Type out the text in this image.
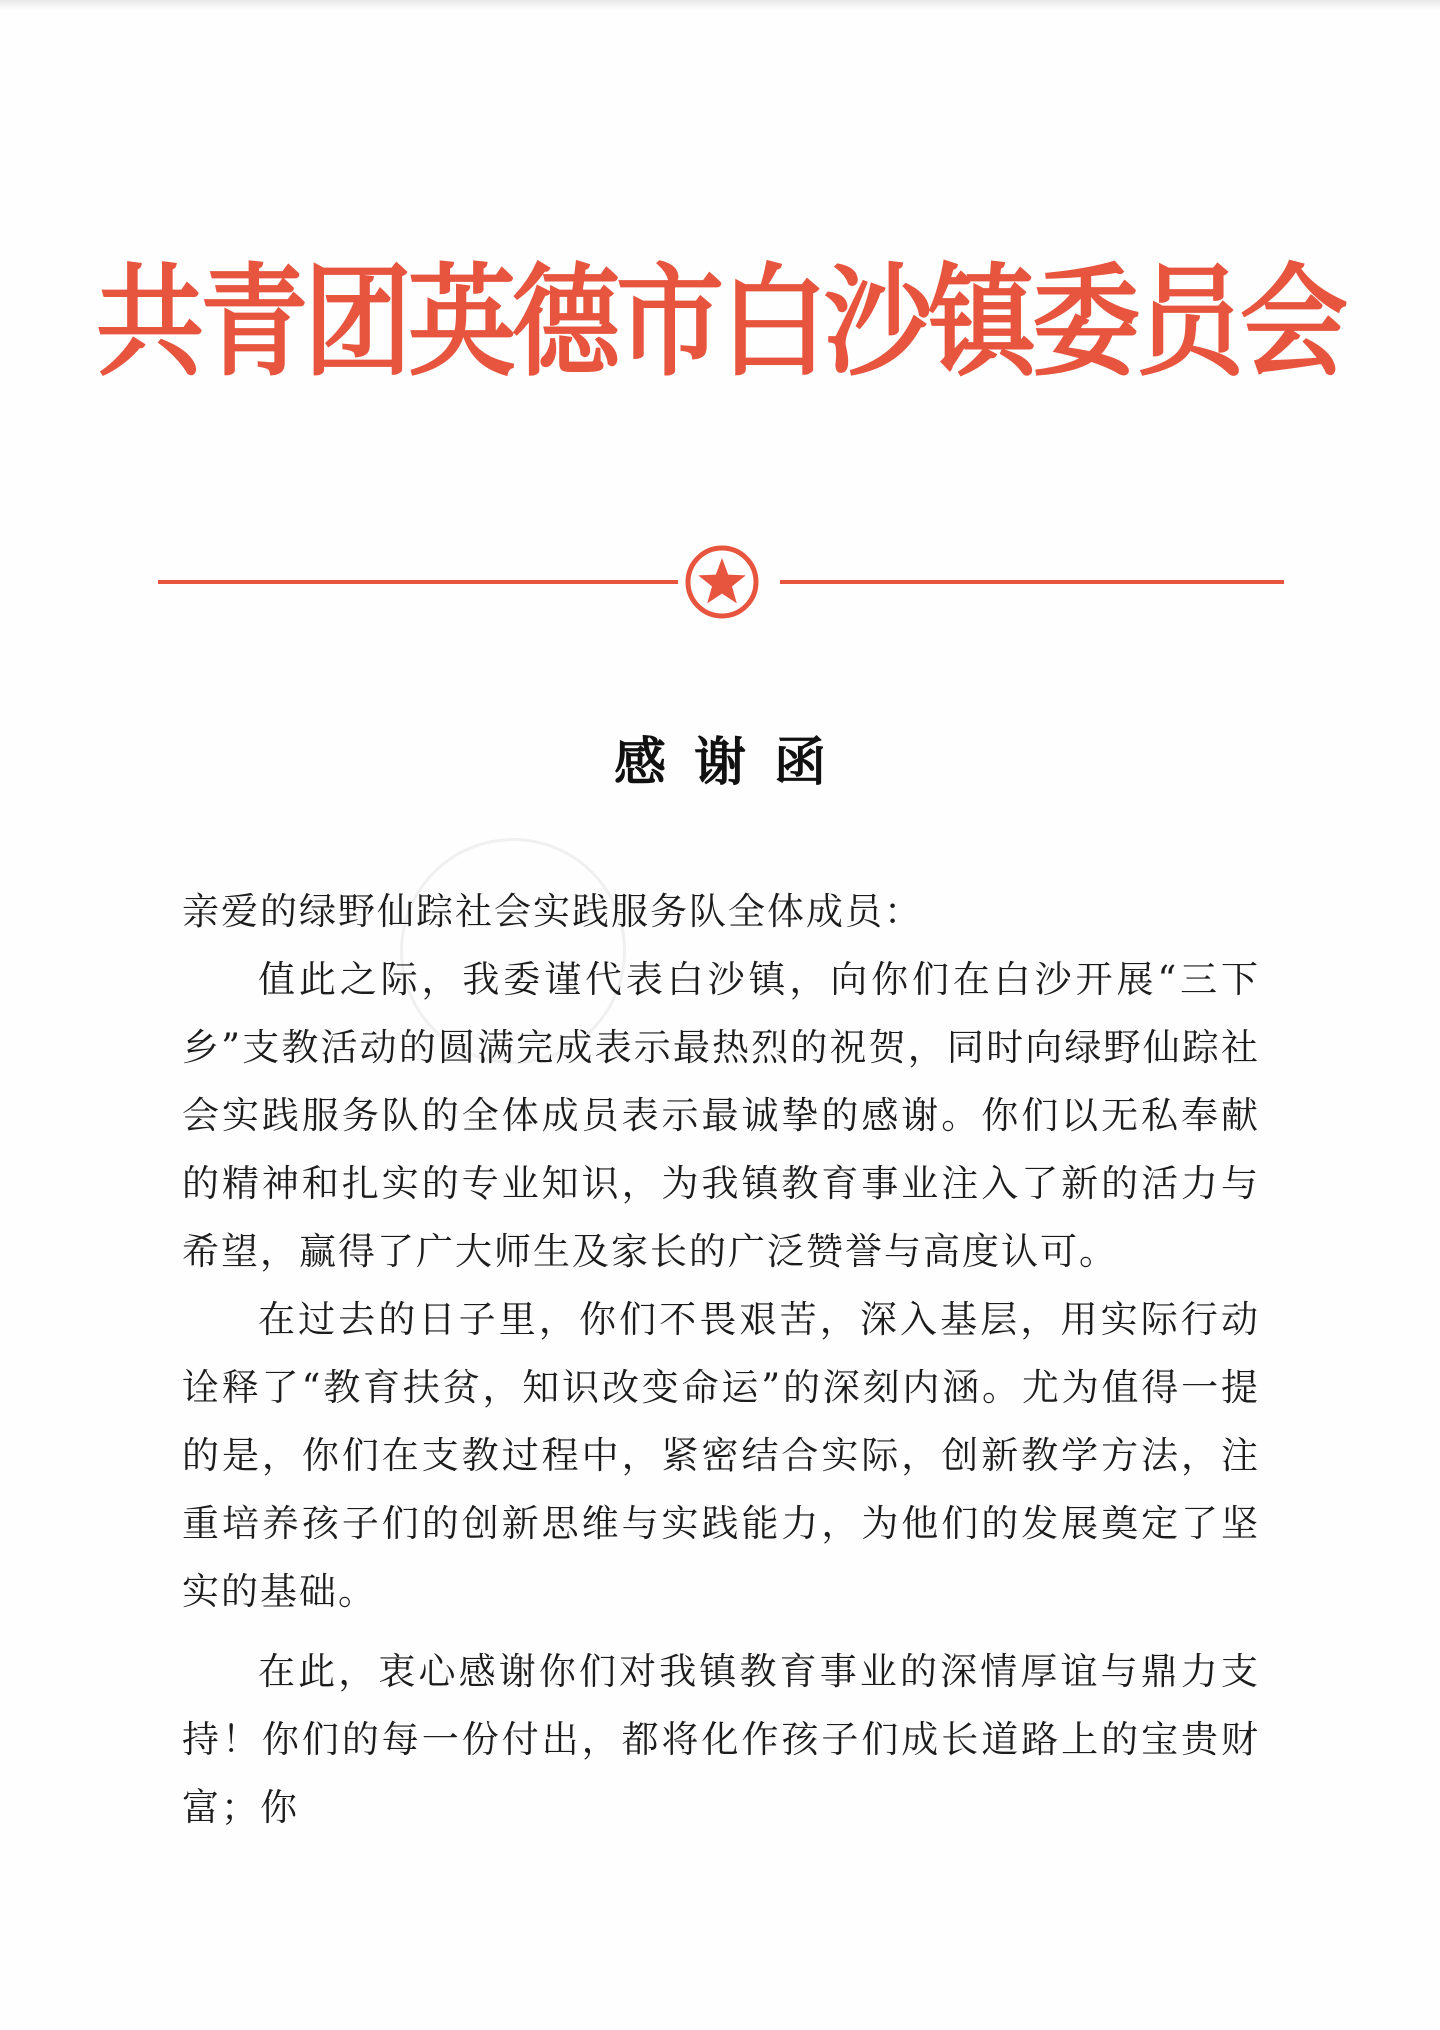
共青团英德市白沙镇委员会
感谢函

亲爱的绿野仙踪社会实践服务队全体成员：

值此之际，我委谨代表白沙镇，向你们在白沙开展“三下乡”支教活动的圆满完成表示最热烈的祝贺，同时向绿野仙踪社会实践服务队的全体成员表示最诚挚的感谢。你们以无私奉献的精神和扎实的专业知识，为我镇教育事业注入了新的活力与希望，赢得了广大师生及家长的广泛赞誉与高度认可。

在过去的日子里，你们不畏艰苦，深入基层，用实际行动诠释了“教育扶贫，知识改变命运”的深刻内涵。尤为值得一提的是，你们在支教过程中，紧密结合实际，创新教学方法，注重培养孩子们的创新思维与实践能力，为他们的发展奠定了坚实的基础。

在此，衷心感谢你们对我镇教育事业的深情厚谊与鼎力支持！你们的每一份付出，都将化作孩子们成长道路上的宝贵财富；你
